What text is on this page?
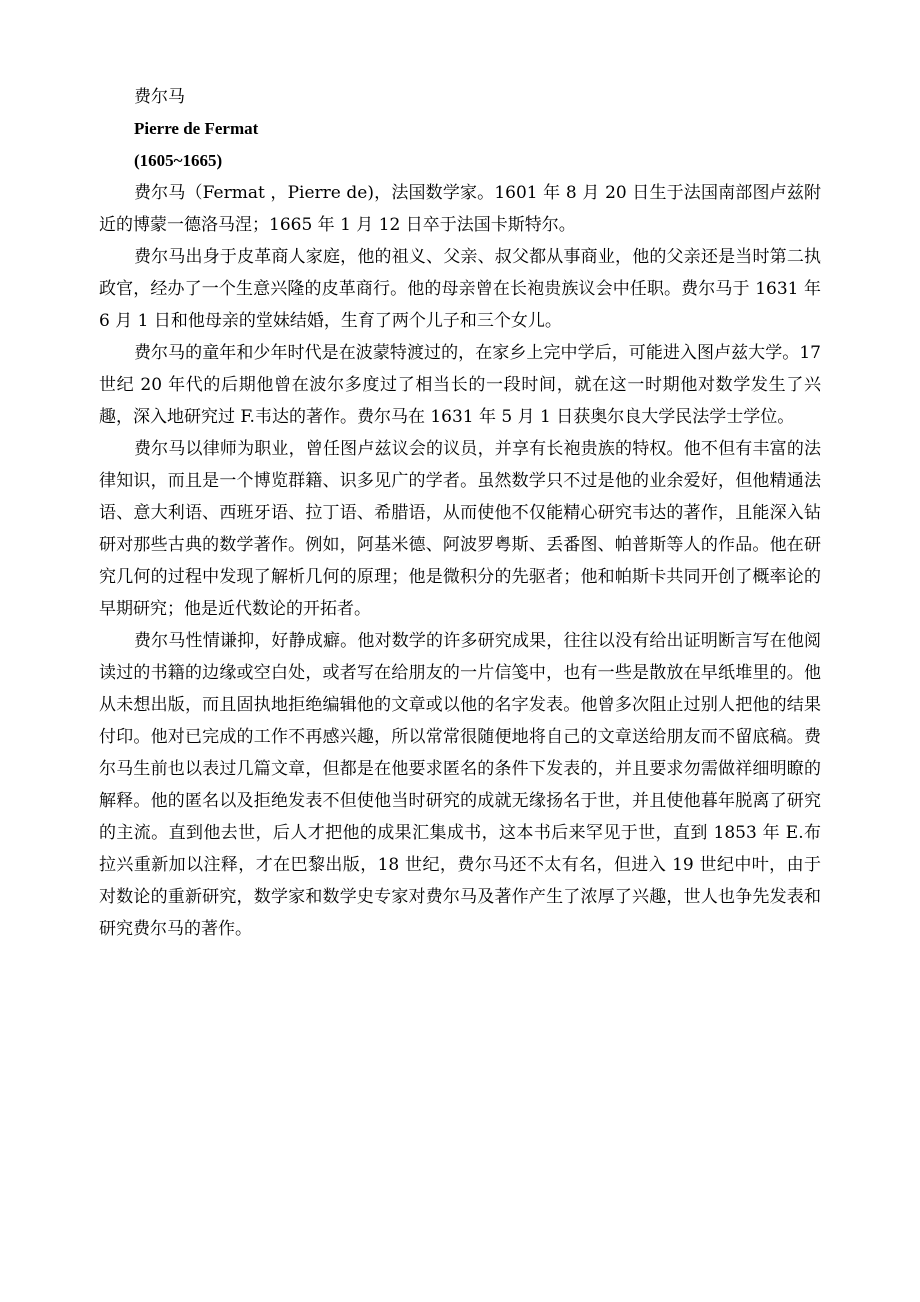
费尔马

Pierre de Fermat

(1605~1665)

费尔马（Fermat ，Pierre de)，法国数学家。1601 年 8 月 20 日生于法国南部图卢兹附近的博蒙一德洛马涅；1665 年 1 月 12 日卒于法国卡斯特尔。

费尔马出身于皮革商人家庭，他的祖义、父亲、叔父都从事商业，他的父亲还是当时第二执政官，经办了一个生意兴隆的皮革商行。他的母亲曾在长袍贵族议会中任职。费尔马于 1631 年 6 月 1 日和他母亲的堂妹结婚，生育了两个儿子和三个女儿。

费尔马的童年和少年时代是在波蒙特渡过的，在家乡上完中学后，可能进入图卢兹大学。17 世纪 20 年代的后期他曾在波尔多度过了相当长的一段时间，就在这一时期他对数学发生了兴趣，深入地研究过 F.韦达的著作。费尔马在 1631 年 5 月 1 日获奥尔良大学民法学士学位。

费尔马以律师为职业，曾任图卢兹议会的议员，并享有长袍贵族的特权。他不但有丰富的法律知识，而且是一个博览群籍、识多见广的学者。虽然数学只不过是他的业余爱好，但他精通法语、意大利语、西班牙语、拉丁语、希腊语，从而使他不仅能精心研究韦达的著作，且能深入钻研对那些古典的数学著作。例如，阿基米德、阿波罗粤斯、丢番图、帕普斯等人的作品。他在研究几何的过程中发现了解析几何的原理；他是微积分的先驱者；他和帕斯卡共同开创了概率论的早期研究；他是近代数论的开拓者。

费尔马性情谦抑，好静成癖。他对数学的许多研究成果，往往以没有给出证明断言写在他阅读过的书籍的边缘或空白处，或者写在给朋友的一片信笺中，也有一些是散放在早纸堆里的。他从未想出版，而且固执地拒绝编辑他的文章或以他的名字发表。他曾多次阻止过别人把他的结果付印。他对已完成的工作不再感兴趣，所以常常很随便地将自己的文章送给朋友而不留底稿。费尔马生前也以表过几篇文章，但都是在他要求匿名的条件下发表的，并且要求勿需做祥细明瞭的解释。他的匿名以及拒绝发表不但使他当时研究的成就无缘扬名于世，并且使他暮年脱离了研究的主流。直到他去世，后人才把他的成果汇集成书，这本书后来罕见于世，直到 1853 年 E.布拉兴重新加以注释，才在巴黎出版，18 世纪，费尔马还不太有名，但进入 19 世纪中叶，由于对数论的重新研究，数学家和数学史专家对费尔马及著作产生了浓厚了兴趣，世人也争先发表和研究费尔马的著作。
